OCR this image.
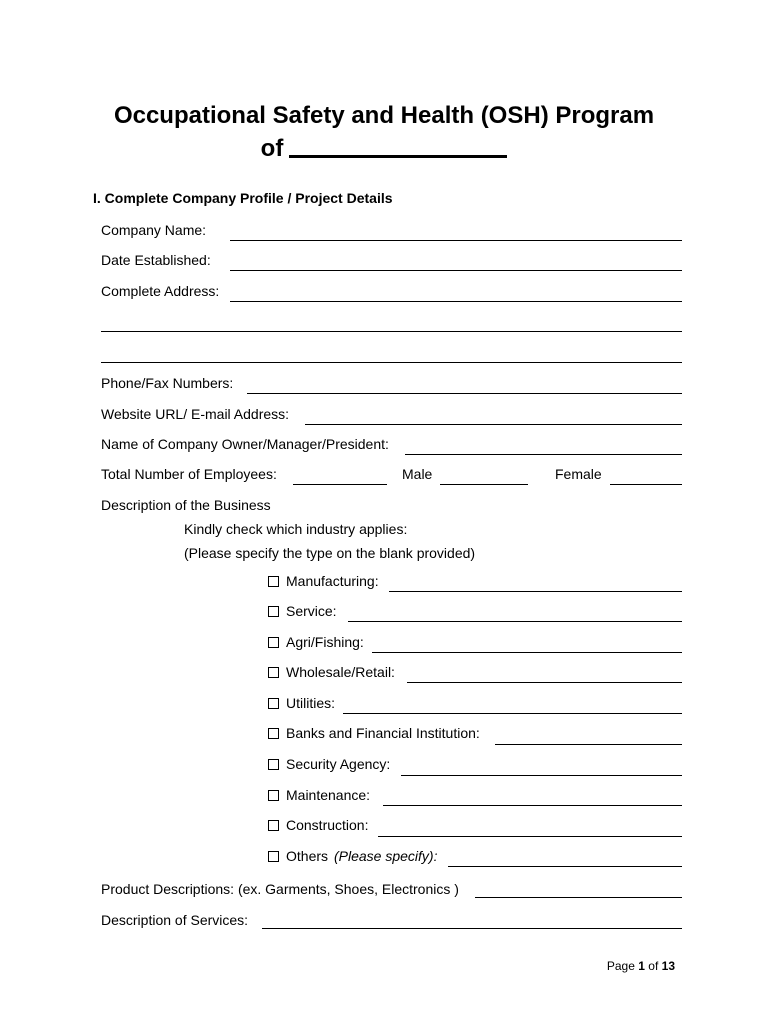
Occupational Safety and Health (OSH) Program
of
I. Complete Company Profile / Project Details
Company Name:
Date Established:
Complete Address:
Phone/Fax Numbers:
Website URL/ E-mail Address:
Name of Company Owner/Manager/President:
Total Number of Employees:	Male	Female
Description of the Business
Kindly check which industry applies:
(Please specify the type on the blank provided)
Manufacturing:
Service:
Agri/Fishing:
Wholesale/Retail:
Utilities:
Banks and Financial Institution:
Security Agency:
Maintenance:
Construction:
Others (Please specify):
Product Descriptions: (ex. Garments, Shoes, Electronics )
Description of Services:
Page 1 of 13
